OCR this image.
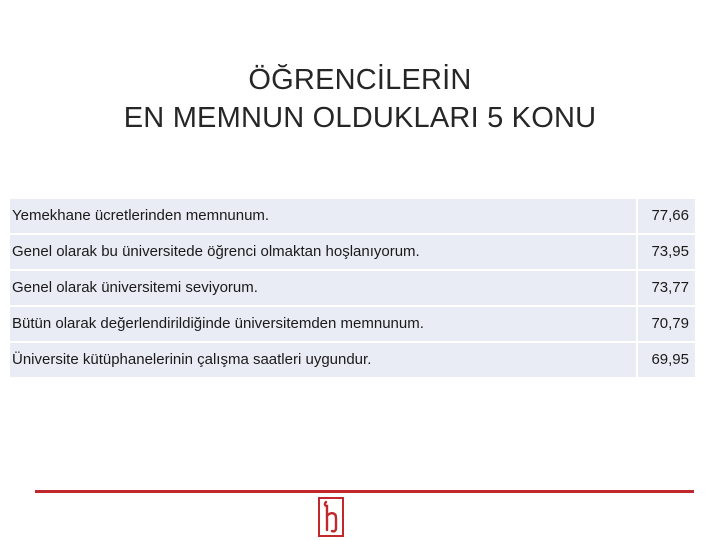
ÖĞRENCİLERİN
EN MEMNUN OLDUKLARI 5 KONU
Yemekhane ücretlerinden memnunum.	77,66
Genel olarak bu üniversitede öğrenci olmaktan hoşlanıyorum.	73,95
Genel olarak üniversitemi seviyorum.	73,77
Bütün olarak değerlendirildiğinde üniversitemden memnunum.	70,79
Üniversite kütüphanelerinin çalışma saatleri uygundur.	69,95
